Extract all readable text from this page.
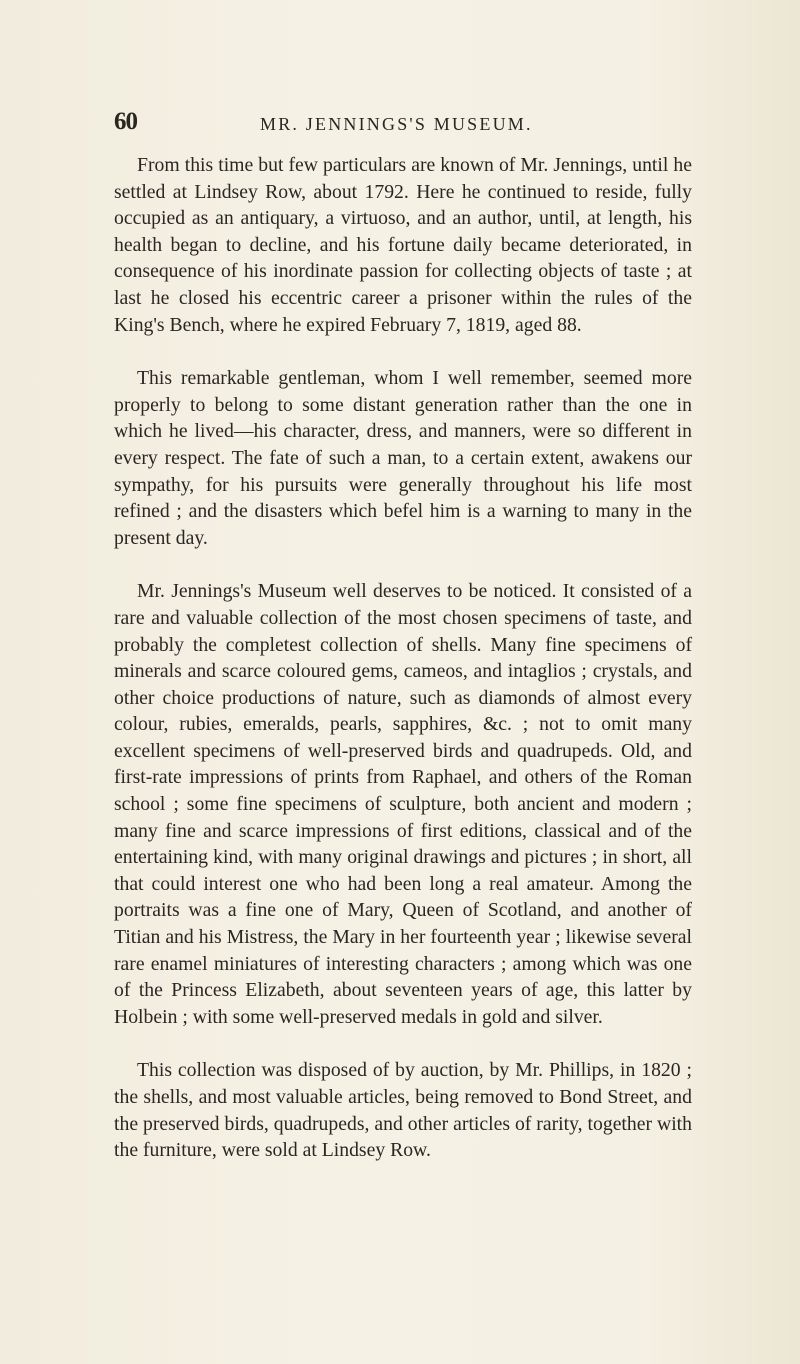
60	MR. JENNINGS'S MUSEUM.

From this time but few particulars are known of Mr. Jennings, until he settled at Lindsey Row, about 1792. Here he continued to reside, fully occupied as an antiquary, a virtuoso, and an author, until, at length, his health began to decline, and his fortune daily became deteriorated, in consequence of his inordinate passion for collecting objects of taste ; at last he closed his eccentric career a prisoner within the rules of the King's Bench, where he expired February 7, 1819, aged 88.

This remarkable gentleman, whom I well remember, seemed more properly to belong to some distant generation rather than the one in which he lived—his character, dress, and manners, were so different in every respect. The fate of such a man, to a certain extent, awakens our sympathy, for his pursuits were generally throughout his life most refined ; and the disasters which befel him is a warning to many in the present day.

Mr. Jennings's Museum well deserves to be noticed. It consisted of a rare and valuable collection of the most chosen specimens of taste, and probably the completest collection of shells. Many fine specimens of minerals and scarce coloured gems, cameos, and intaglios ; crystals, and other choice productions of nature, such as diamonds of almost every colour, rubies, emeralds, pearls, sapphires, &c. ; not to omit many excellent specimens of well-preserved birds and quadrupeds. Old, and first-rate impressions of prints from Raphael, and others of the Roman school ; some fine specimens of sculpture, both ancient and modern ; many fine and scarce impressions of first editions, classical and of the entertaining kind, with many original drawings and pictures ; in short, all that could interest one who had been long a real amateur. Among the portraits was a fine one of Mary, Queen of Scotland, and another of Titian and his Mistress, the Mary in her fourteenth year ; likewise several rare enamel miniatures of interesting characters ; among which was one of the Princess Elizabeth, about seventeen years of age, this latter by Holbein ; with some well-preserved medals in gold and silver.

This collection was disposed of by auction, by Mr. Phillips, in 1820 ; the shells, and most valuable articles, being removed to Bond Street, and the preserved birds, quadrupeds, and other articles of rarity, together with the furniture, were sold at Lindsey Row.
